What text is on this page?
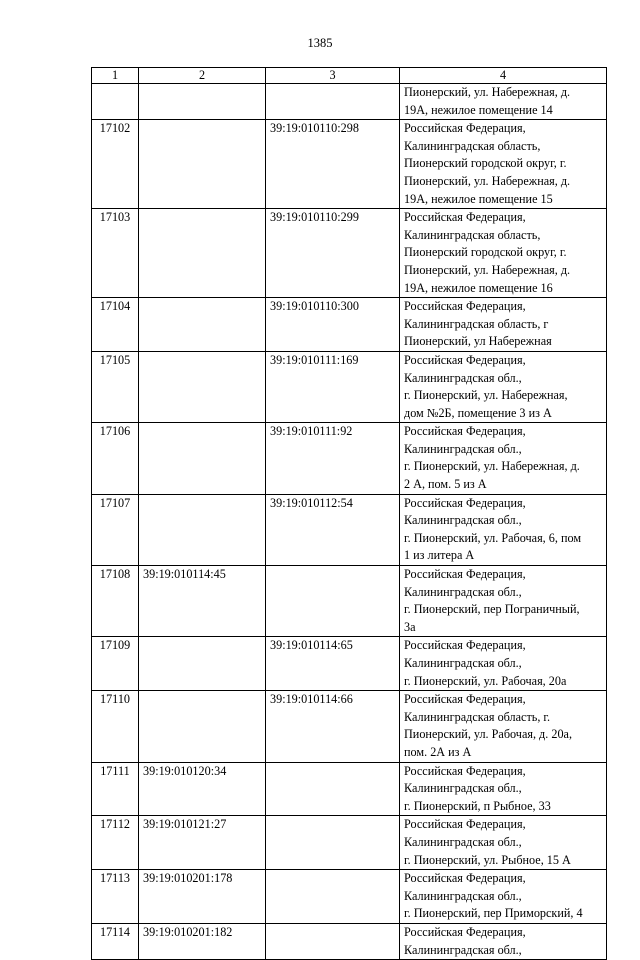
1385
1	2	3	4
			Пионерский, ул. Набережная, д.
19А, нежилое помещение 14
17102		39:19:010110:298	Российская Федерация,
Калининградская область,
Пионерский городской округ, г.
Пионерский, ул. Набережная, д.
19А, нежилое помещение 15
17103		39:19:010110:299	Российская Федерация,
Калининградская область,
Пионерский городской округ, г.
Пионерский, ул. Набережная, д.
19А, нежилое помещение 16
17104		39:19:010110:300	Российская Федерация,
Калининградская область, г
Пионерский, ул Набережная
17105		39:19:010111:169	Российская Федерация,
Калининградская обл.,
г. Пионерский, ул. Набережная,
дом №2Б, помещение 3 из А
17106		39:19:010111:92	Российская Федерация,
Калининградская обл.,
г. Пионерский, ул. Набережная, д.
2 А, пом. 5 из А
17107		39:19:010112:54	Российская Федерация,
Калининградская обл.,
г. Пионерский, ул. Рабочая, 6, пом
1 из литера А
17108	39:19:010114:45		Российская Федерация,
Калининградская обл.,
г. Пионерский, пер Пограничный,
3а
17109		39:19:010114:65	Российская Федерация,
Калининградская обл.,
г. Пионерский, ул. Рабочая, 20а
17110		39:19:010114:66	Российская Федерация,
Калининградская область, г.
Пионерский, ул. Рабочая, д. 20а,
пом. 2А из А
17111	39:19:010120:34		Российская Федерация,
Калининградская обл.,
г. Пионерский, п Рыбное, 33
17112	39:19:010121:27		Российская Федерация,
Калининградская обл.,
г. Пионерский, ул. Рыбное, 15 А
17113	39:19:010201:178		Российская Федерация,
Калининградская обл.,
г. Пионерский, пер Приморский, 4
17114	39:19:010201:182		Российская Федерация,
Калининградская обл.,
